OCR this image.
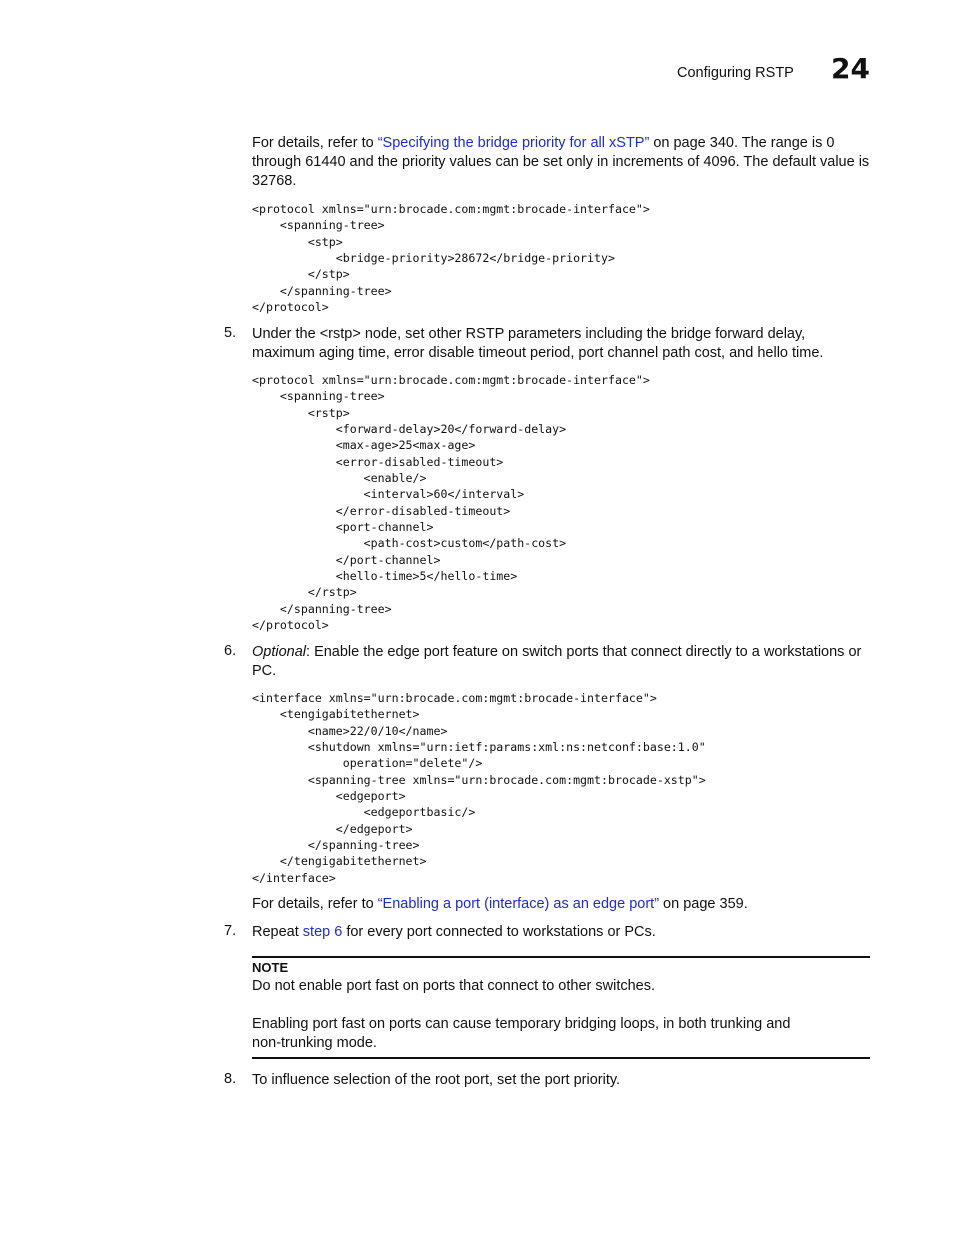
Configuring RSTP 24
For details, refer to “Specifying the bridge priority for all xSTP” on page 340. The range is 0 through 61440 and the priority values can be set only in increments of 4096. The default value is 32768.
<protocol xmlns="urn:brocade.com:mgmt:brocade-interface">
<spanning-tree>
<stp>
<bridge-priority>28672</bridge-priority>
</stp>
</spanning-tree>
</protocol>
5. Under the <rstp> node, set other RSTP parameters including the bridge forward delay, maximum aging time, error disable timeout period, port channel path cost, and hello time.
<protocol xmlns="urn:brocade.com:mgmt:brocade-interface">
<spanning-tree>
<rstp>
<forward-delay>20</forward-delay>
<max-age>25<max-age>
<error-disabled-timeout>
<enable/>
<interval>60</interval>
</error-disabled-timeout>
<port-channel>
<path-cost>custom</path-cost>
</port-channel>
<hello-time>5</hello-time>
</rstp>
</spanning-tree>
</protocol>
6. Optional: Enable the edge port feature on switch ports that connect directly to a workstations or PC.
<interface xmlns="urn:brocade.com:mgmt:brocade-interface">
<tengigabitethernet>
<name>22/0/10</name>
<shutdown xmlns="urn:ietf:params:xml:ns:netconf:base:1.0"
operation="delete"/>
<spanning-tree xmlns="urn:brocade.com:mgmt:brocade-xstp">
<edgeport>
<edgeportbasic/>
</edgeport>
</spanning-tree>
</tengigabitethernet>
</interface>
For details, refer to “Enabling a port (interface) as an edge port” on page 359.
7. Repeat step 6 for every port connected to workstations or PCs.
NOTE
Do not enable port fast on ports that connect to other switches.
Enabling port fast on ports can cause temporary bridging loops, in both trunking and non-trunking mode.
8. To influence selection of the root port, set the port priority.
